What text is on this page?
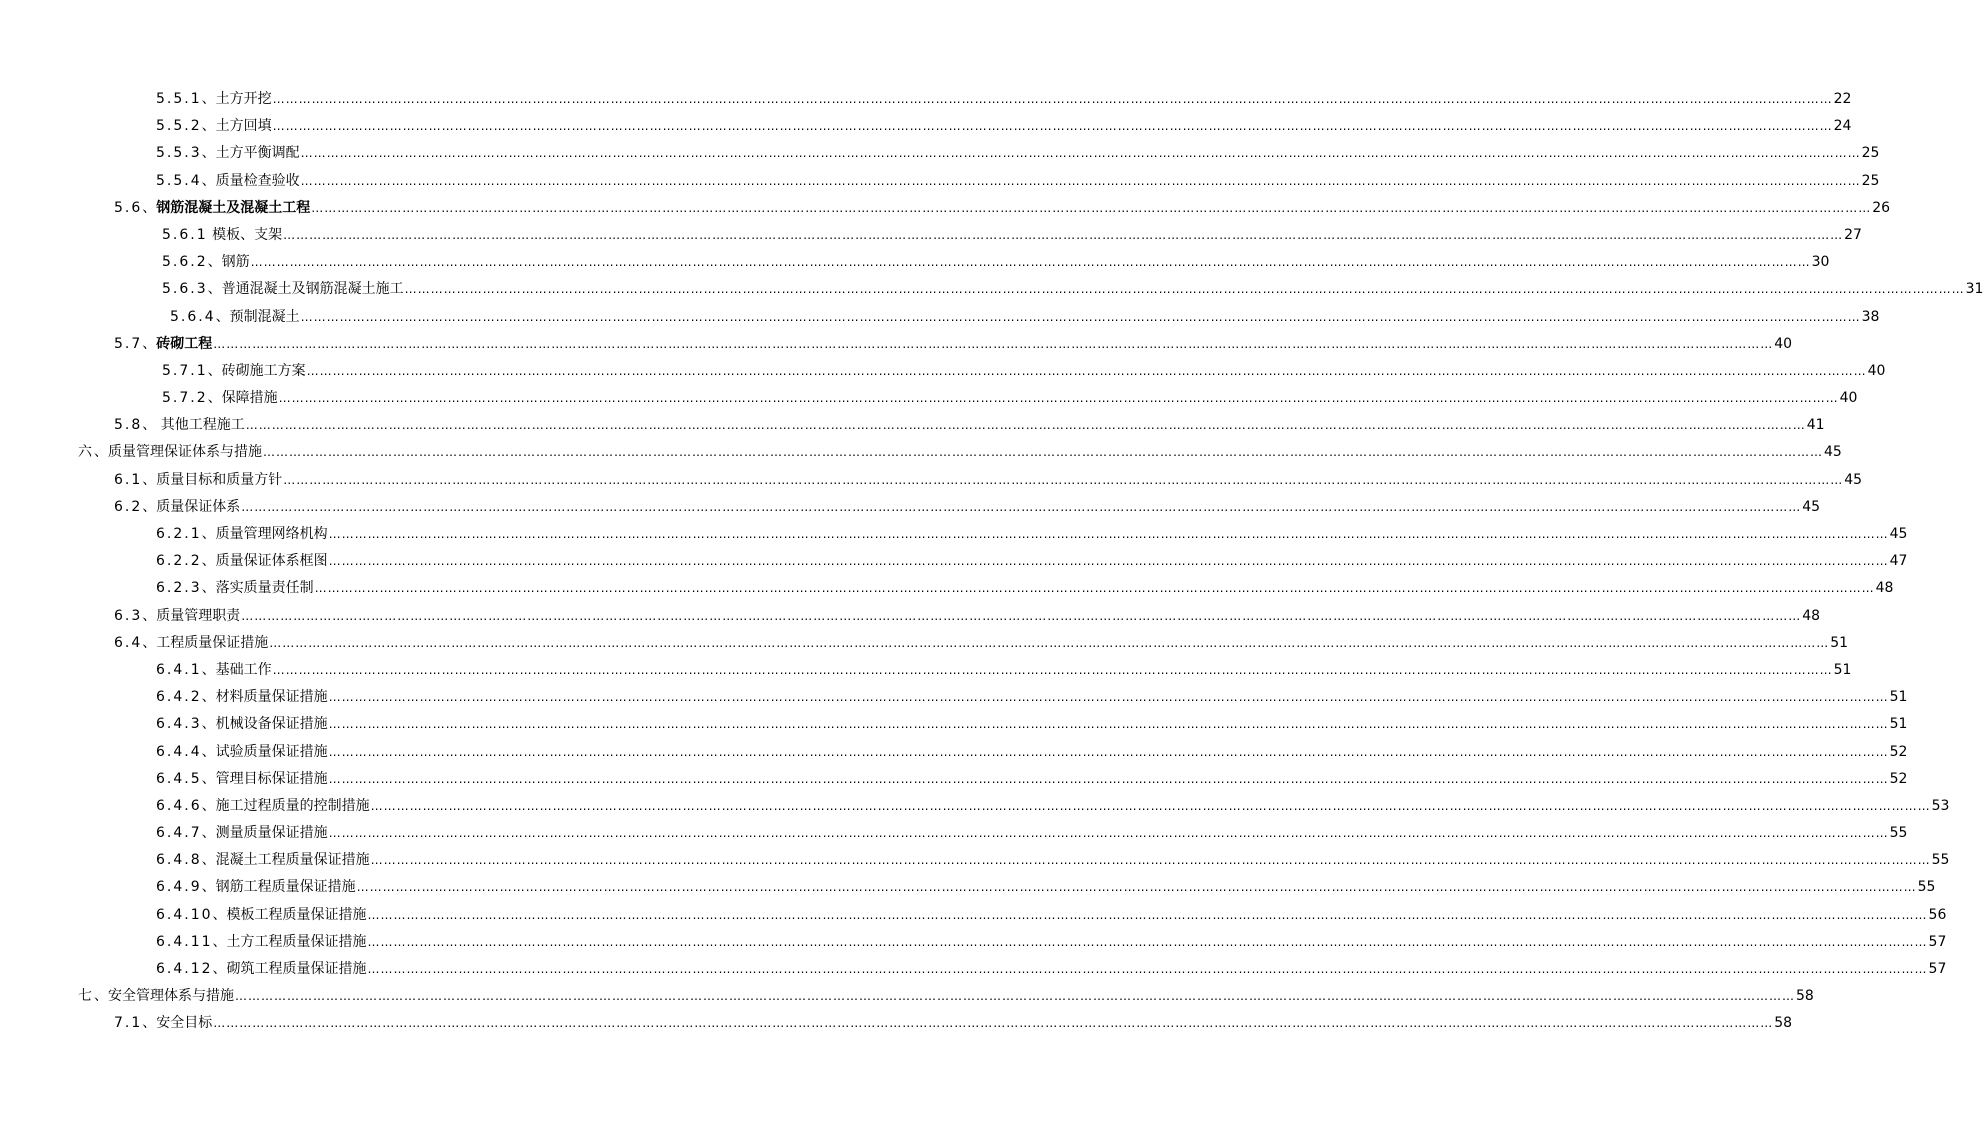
5.5.1、土方开挖 ……………………………………………………………………………………………………………………………………………………………………………………………………………………………………………………………………………………………………………………………… 22
5.5.2、土方回填 ……………………………………………………………………………………………………………………………………………………………………………………………………………………………………………………………………………………………………………………………… 24
5.5.3、土方平衡调配 ……………………………………………………………………………………………………………………………………………………………………………………………………………………………………………………………………………………………………………………………… 25
5.5.4、质量检查验收 ……………………………………………………………………………………………………………………………………………………………………………………………………………………………………………………………………………………………………………………………… 25
5.6、钢筋混凝土及混凝土工程 ……………………………………………………………………………………………………………………………………………………………………………………………………………………………………………………………………………………………………………………………… 26
5.6.1 模板、支架 ……………………………………………………………………………………………………………………………………………………………………………………………………………………………………………………………………………………………………………………………… 27
5.6.2、钢筋 ……………………………………………………………………………………………………………………………………………………………………………………………………………………………………………………………………………………………………………………………… 30
5.6.3、普通混凝土及钢筋混凝土施工 ……………………………………………………………………………………………………………………………………………………………………………………………………………………………………………………………………………………………………………………………… 31
5.6.4、预制混凝土 ……………………………………………………………………………………………………………………………………………………………………………………………………………………………………………………………………………………………………………………………… 38
5.7、砖砌工程 ……………………………………………………………………………………………………………………………………………………………………………………………………………………………………………………………………………………………………………………………… 40
5.7.1、砖砌施工方案 ……………………………………………………………………………………………………………………………………………………………………………………………………………………………………………………………………………………………………………………………… 40
5.7.2、保障措施 ……………………………………………………………………………………………………………………………………………………………………………………………………………………………………………………………………………………………………………………………… 40
5.8、 其他工程施工 ……………………………………………………………………………………………………………………………………………………………………………………………………………………………………………………………………………………………………………………………… 41
六、质量管理保证体系与措施 ……………………………………………………………………………………………………………………………………………………………………………………………………………………………………………………………………………………………………………………………… 45
6.1、质量目标和质量方针 ……………………………………………………………………………………………………………………………………………………………………………………………………………………………………………………………………………………………………………………………… 45
6.2、质量保证体系 ……………………………………………………………………………………………………………………………………………………………………………………………………………………………………………………………………………………………………………………………… 45
6.2.1、质量管理网络机构 ……………………………………………………………………………………………………………………………………………………………………………………………………………………………………………………………………………………………………………………………… 45
6.2.2、质量保证体系框图 ……………………………………………………………………………………………………………………………………………………………………………………………………………………………………………………………………………………………………………………………… 47
6.2.3、落实质量责任制 ……………………………………………………………………………………………………………………………………………………………………………………………………………………………………………………………………………………………………………………………… 48
6.3、质量管理职责 ……………………………………………………………………………………………………………………………………………………………………………………………………………………………………………………………………………………………………………………………… 48
6.4、工程质量保证措施 ……………………………………………………………………………………………………………………………………………………………………………………………………………………………………………………………………………………………………………………………… 51
6.4.1、基础工作 ……………………………………………………………………………………………………………………………………………………………………………………………………………………………………………………………………………………………………………………………… 51
6.4.2、材料质量保证措施 ……………………………………………………………………………………………………………………………………………………………………………………………………………………………………………………………………………………………………………………………… 51
6.4.3、机械设备保证措施 ……………………………………………………………………………………………………………………………………………………………………………………………………………………………………………………………………………………………………………………………… 51
6.4.4、试验质量保证措施 ……………………………………………………………………………………………………………………………………………………………………………………………………………………………………………………………………………………………………………………………… 52
6.4.5、管理目标保证措施 ……………………………………………………………………………………………………………………………………………………………………………………………………………………………………………………………………………………………………………………………… 52
6.4.6、施工过程质量的控制措施 ……………………………………………………………………………………………………………………………………………………………………………………………………………………………………………………………………………………………………………………………… 53
6.4.7、测量质量保证措施 ……………………………………………………………………………………………………………………………………………………………………………………………………………………………………………………………………………………………………………………………… 55
6.4.8、混凝土工程质量保证措施 ……………………………………………………………………………………………………………………………………………………………………………………………………………………………………………………………………………………………………………………………… 55
6.4.9、钢筋工程质量保证措施 ……………………………………………………………………………………………………………………………………………………………………………………………………………………………………………………………………………………………………………………………… 55
6.4.10、模板工程质量保证措施 ……………………………………………………………………………………………………………………………………………………………………………………………………………………………………………………………………………………………………………………………… 56
6.4.11、土方工程质量保证措施 ……………………………………………………………………………………………………………………………………………………………………………………………………………………………………………………………………………………………………………………………… 57
6.4.12、砌筑工程质量保证措施 ……………………………………………………………………………………………………………………………………………………………………………………………………………………………………………………………………………………………………………………………… 57
七、安全管理体系与措施 ……………………………………………………………………………………………………………………………………………………………………………………………………………………………………………………………………………………………………………………………… 58
7.1、安全目标 ……………………………………………………………………………………………………………………………………………………………………………………………………………………………………………………………………………………………………………………………… 58
